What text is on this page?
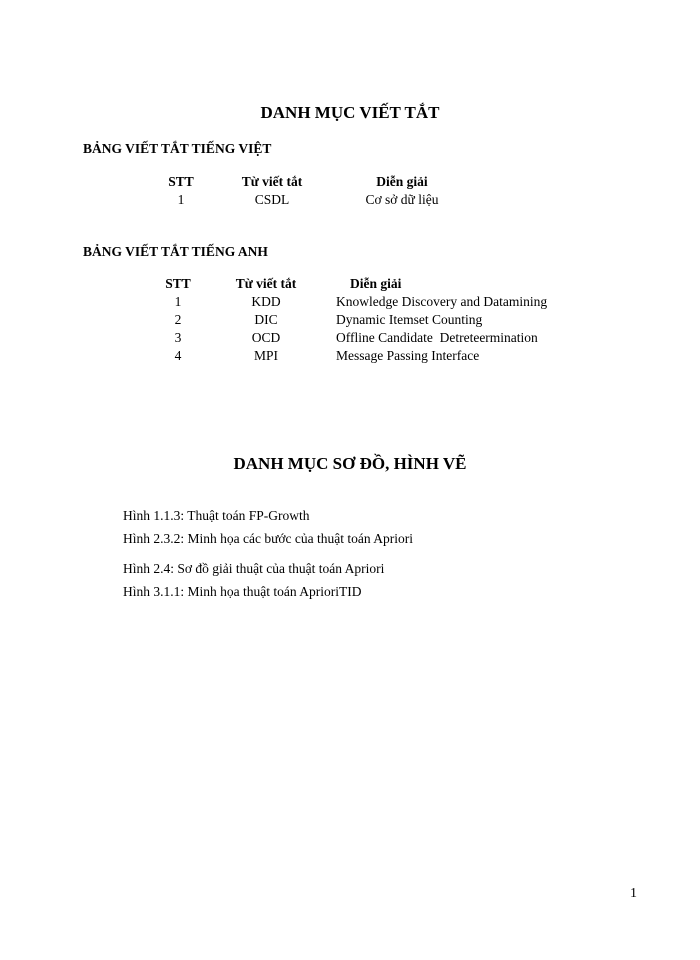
DANH MỤC VIẾT TẮT
BẢNG VIẾT TẮT TIẾNG VIỆT
STT	Từ viết tắt	Diễn giải
1	CSDL	Cơ sở dữ liệu
BẢNG VIẾT TẮT TIẾNG ANH
STT	Từ viết tắt	Diễn giải
1	KDD	Knowledge Discovery and Datamining
2	DIC	Dynamic Itemset Counting
3	OCD	Offline Candidate  Detreteermination
4	MPI	Message Passing Interface
DANH MỤC SƠ ĐỒ, HÌNH VẼ
Hình 1.1.3: Thuật toán FP-Growth
Hình 2.3.2: Minh họa các bước của thuật toán Apriori
Hình 2.4: Sơ đồ giải thuật của thuật toán Apriori
Hình 3.1.1: Minh họa thuật toán AprioriTID
1
